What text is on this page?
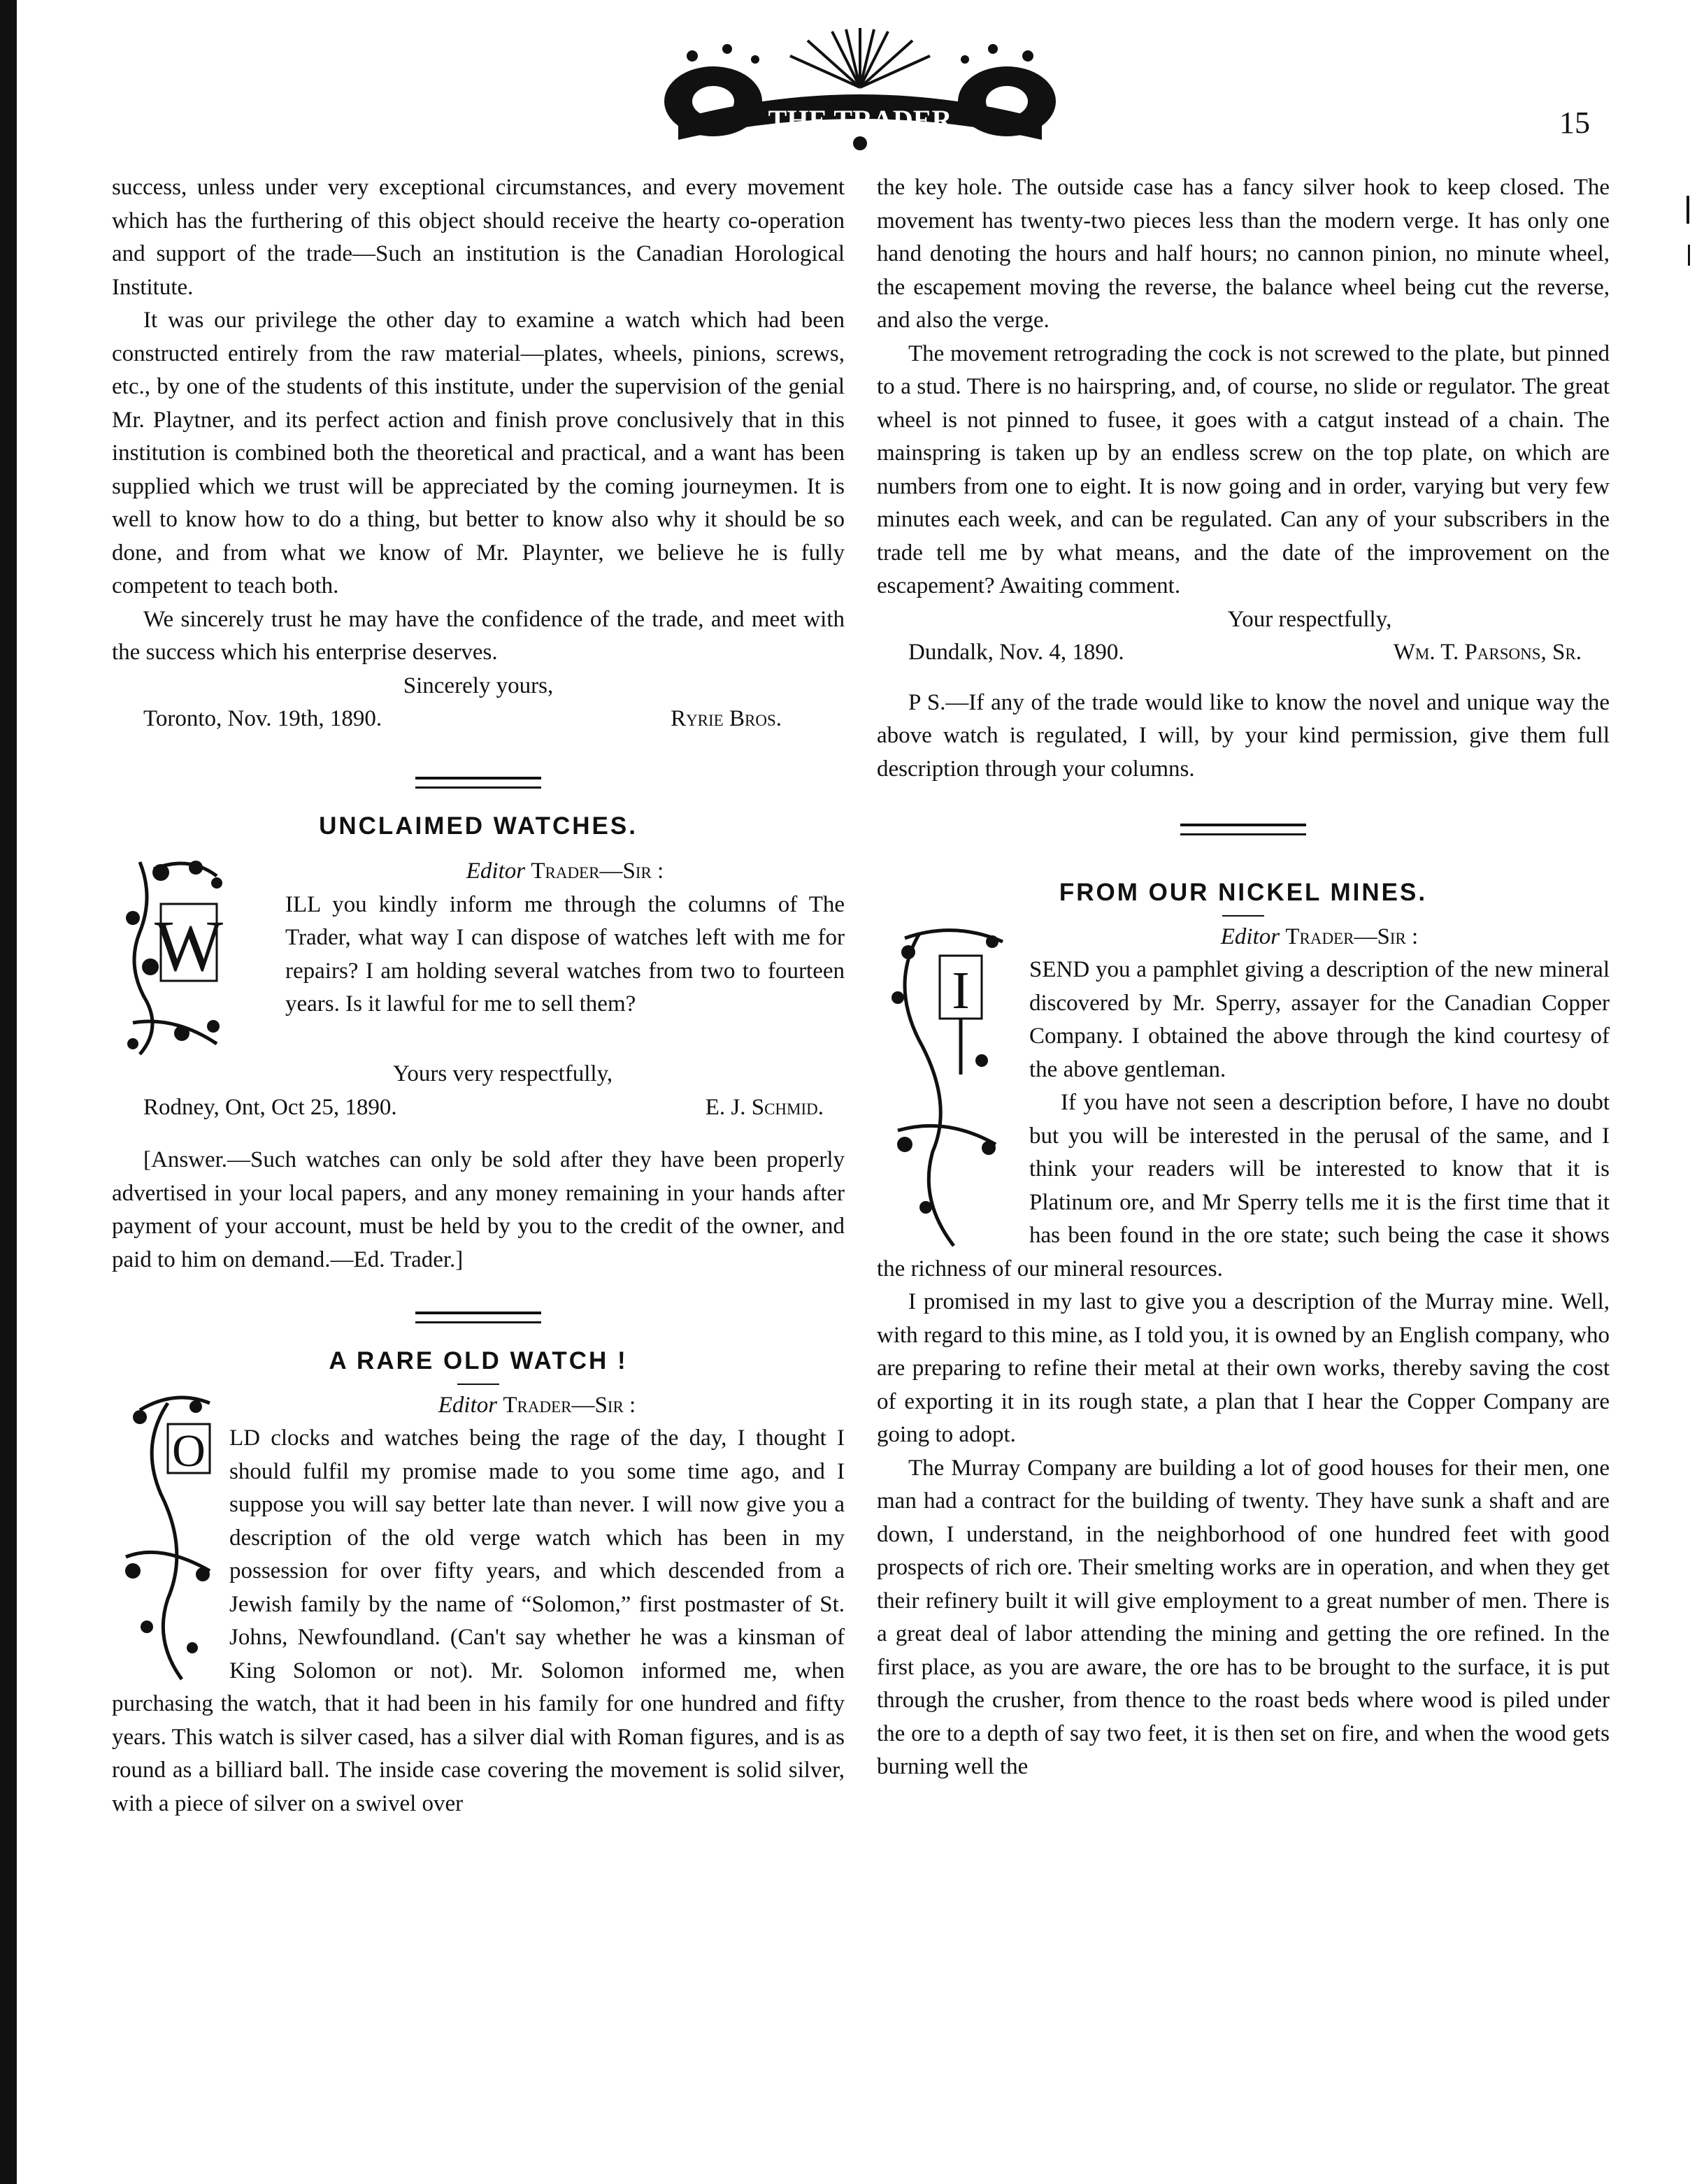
THE TRADER	15

success, unless under very exceptional circumstances, and every movement which has the furthering of this object should receive the hearty co-operation and support of the trade—Such an institution is the Canadian Horological Institute.

It was our privilege the other day to examine a watch which had been constructed entirely from the raw material—plates, wheels, pinions, screws, etc., by one of the students of this institute, under the supervision of the genial Mr. Playtner, and its perfect action and finish prove conclusively that in this institution is combined both the theoretical and practical, and a want has been supplied which we trust will be appreciated by the coming journeymen. It is well to know how to do a thing, but better to know also why it should be so done, and from what we know of Mr. Playnter, we believe he is fully competent to teach both.

We sincerely trust he may have the confidence of the trade, and meet with the success which his enterprise deserves.

Sincerely yours,

Toronto, Nov. 19th, 1890.	Ryrie Bros.
UNCLAIMED WATCHES.
W

Editor Trader—Sir :

ILL you kindly inform me through the columns of The Trader, what way I can dispose of watches left with me for repairs? I am holding several watches from two to fourteen years. Is it lawful for me to sell them?

Yours very respectfully,

Rodney, Ont, Oct 25, 1890.	E. J. Schmid.

[Answer.—Such watches can only be sold after they have been properly advertised in your local papers, and any money remaining in your hands after payment of your account, must be held by you to the credit of the owner, and paid to him on demand.—Ed. Trader.]

A RARE OLD WATCH !
O

Editor Trader—Sir :

LD clocks and watches being the rage of the day, I thought I should fulfil my promise made to you some time ago, and I suppose you will say better late than never. I will now give you a description of the old verge watch which has been in my possession for over fifty years, and which descended from a Jewish family by the name of “Solomon,” first postmaster of St. Johns, Newfoundland. (Can't say whether he was a kinsman of King Solomon or not). Mr. Solomon informed me, when purchasing the watch, that it had been in his family for one hundred and fifty years. This watch is silver cased, has a silver dial with Roman figures, and is as round as a billiard ball. The inside case covering the movement is solid silver, with a piece of silver on a swivel over

the key hole. The outside case has a fancy silver hook to keep closed. The movement has twenty-two pieces less than the modern verge. It has only one hand denoting the hours and half hours; no cannon pinion, no minute wheel, the escapement moving the reverse, the balance wheel being cut the reverse, and also the verge.

The movement retrograding the cock is not screwed to the plate, but pinned to a stud. There is no hairspring, and, of course, no slide or regulator. The great wheel is not pinned to fusee, it goes with a catgut instead of a chain. The mainspring is taken up by an endless screw on the top plate, on which are numbers from one to eight. It is now going and in order, varying but very few minutes each week, and can be regulated. Can any of your subscribers in the trade tell me by what means, and the date of the improvement on the escapement? Awaiting comment.

Your respectfully,

Dundalk, Nov. 4, 1890.	Wm. T. Parsons, Sr.

P S.—If any of the trade would like to know the novel and unique way the above watch is regulated, I will, by your kind permission, give them full description through your columns.

FROM OUR NICKEL MINES.
I

Editor Trader—Sir :

SEND you a pamphlet giving a description of the new mineral discovered by Mr. Sperry, assayer for the Canadian Copper Company. I obtained the above through the kind courtesy of the above gentleman.

If you have not seen a description before, I have no doubt but you will be interested in the perusal of the same, and I think your readers will be interested to know that it is Platinum ore, and Mr Sperry tells me it is the first time that it has been found in the ore state; such being the case it shows the richness of our mineral resources.

I promised in my last to give you a description of the Murray mine. Well, with regard to this mine, as I told you, it is owned by an English company, who are preparing to refine their metal at their own works, thereby saving the cost of exporting it in its rough state, a plan that I hear the Copper Company are going to adopt.

The Murray Company are building a lot of good houses for their men, one man had a contract for the building of twenty. They have sunk a shaft and are down, I understand, in the neighborhood of one hundred feet with good prospects of rich ore. Their smelting works are in operation, and when they get their refinery built it will give employment to a great number of men. There is a great deal of labor attending the mining and getting the ore refined. In the first place, as you are aware, the ore has to be brought to the surface, it is put through the crusher, from thence to the roast beds where wood is piled under the ore to a depth of say two feet, it is then set on fire, and when the wood gets burning well the
